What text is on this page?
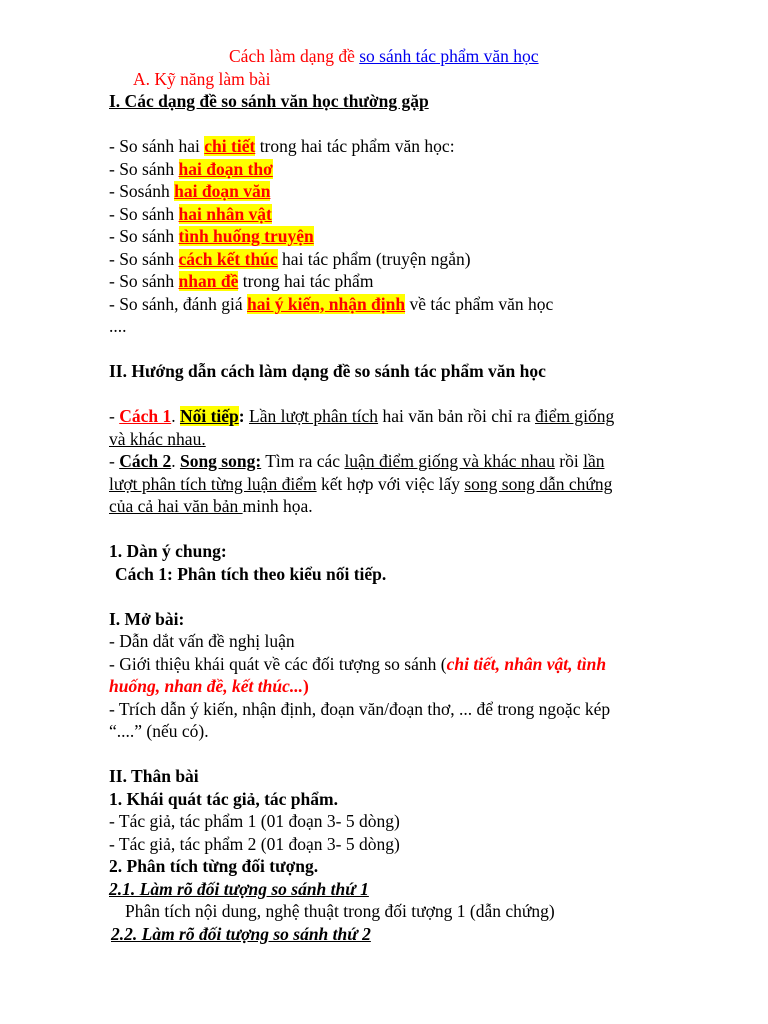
Cách làm dạng đề so sánh tác phẩm văn học
A. Kỹ năng làm bài
I. Các dạng đề so sánh văn học thường gặp
- So sánh hai chi tiết trong hai tác phẩm văn học:
- So sánh hai đoạn thơ
- Sosánh hai đoạn văn
- So sánh hai nhân vật
- So sánh tình huống truyện
- So sánh cách kết thúc hai tác phẩm (truyện ngắn)
- So sánh nhan đề trong hai tác phẩm
- So sánh, đánh giá hai ý kiến, nhận định về tác phẩm văn học
....
II. Hướng dẫn cách làm dạng đề so sánh tác phẩm văn học
- Cách 1. Nối tiếp: Lần lượt phân tích hai văn bản rồi chỉ ra điểm giống
và khác nhau.
- Cách 2. Song song: Tìm ra các luận điểm giống và khác nhau rồi lần
lượt phân tích từng luận điểm kết hợp với việc lấy song song dẫn chứng
của cả hai văn bản minh họa.
1. Dàn ý chung:
Cách 1: Phân tích theo kiểu nối tiếp.
I. Mở bài:
- Dẫn dắt vấn đề nghị luận
- Giới thiệu khái quát về các đối tượng so sánh (chi tiết, nhân vật, tình
huống, nhan đề, kết thúc...)
- Trích dẫn ý kiến, nhận định, đoạn văn/đoạn thơ, ... để trong ngoặc kép
“....” (nếu có).
II. Thân bài
1. Khái quát tác giả, tác phẩm.
- Tác giả, tác phẩm 1 (01 đoạn 3- 5 dòng)
- Tác giả, tác phẩm 2 (01 đoạn 3- 5 dòng)
2. Phân tích từng đối tượng.
2.1. Làm rõ đối tượng so sánh thứ 1
Phân tích nội dung, nghệ thuật trong đối tượng 1 (dẫn chứng)
2.2. Làm rõ đối tượng so sánh thứ 2
